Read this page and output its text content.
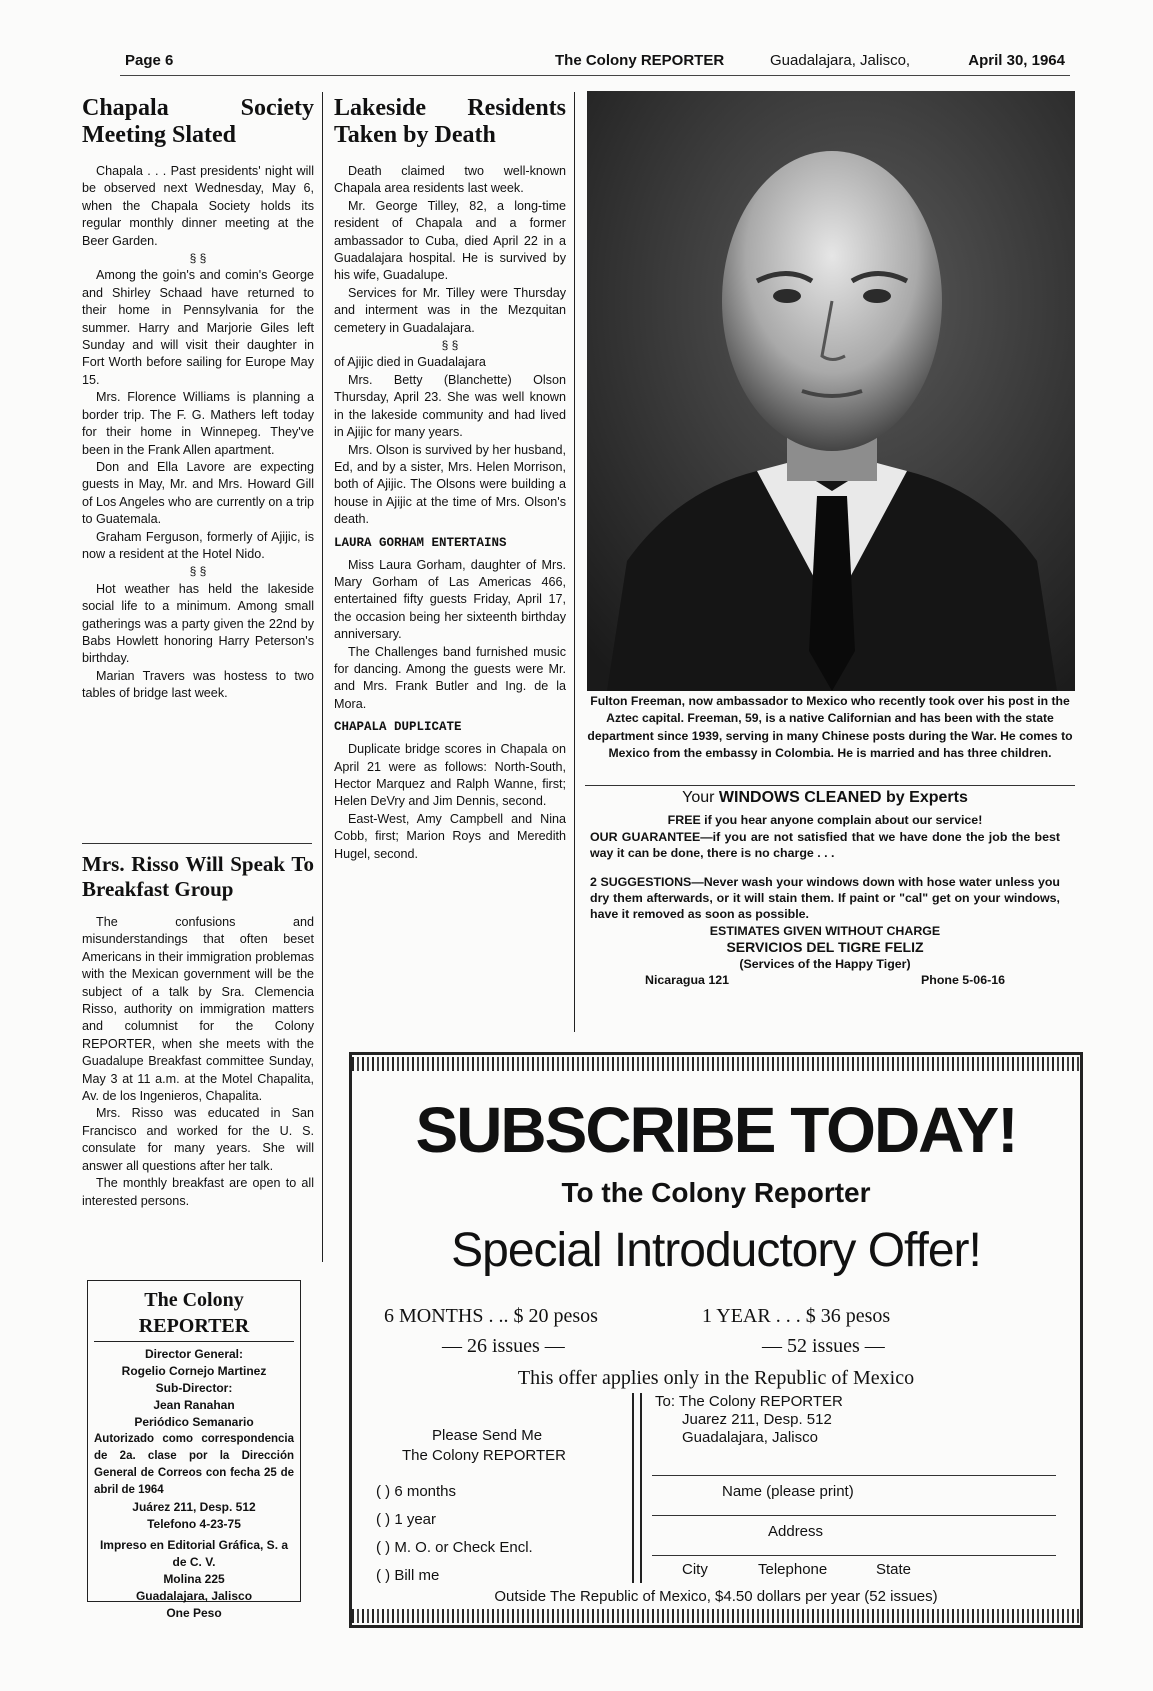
Page 6	The Colony REPORTER	Guadalajara, Jalisco,	April 30, 1964
Chapala Society Meeting Slated

Chapala . . . Past presidents' night will be observed next Wednesday, May 6, when the Chapala Society holds its regular monthly dinner meeting at the Beer Garden.

§ §

Among the goin's and comin's George and Shirley Schaad have returned to their home in Pennsylvania for the summer. Harry and Marjorie Giles left Sunday and will visit their daughter in Fort Worth before sailing for Europe May 15.

Mrs. Florence Williams is planning a border trip. The F. G. Mathers left today for their home in Winnepeg. They've been in the Frank Allen apartment.

Don and Ella Lavore are expecting guests in May, Mr. and Mrs. Howard Gill of Los Angeles who are currently on a trip to Guatemala.

Graham Ferguson, formerly of Ajijic, is now a resident at the Hotel Nido.

§ §

Hot weather has held the lakeside social life to a minimum. Among small gatherings was a party given the 22nd by Babs Howlett honoring Harry Peterson's birthday.

Marian Travers was hostess to two tables of bridge last week.

Mrs. Risso Will Speak To Breakfast Group

The confusions and misunderstandings that often beset Americans in their immigration problemas with the Mexican government will be the subject of a talk by Sra. Clemencia Risso, authority on immigration matters and columnist for the Colony REPORTER, when she meets with the Guadalupe Breakfast committee Sunday, May 3 at 11 a.m. at the Motel Chapalita, Av. de los Ingenieros, Chapalita.

Mrs. Risso was educated in San Francisco and worked for the U. S. consulate for many years. She will answer all questions after her talk.

The monthly breakfast are open to all interested persons.

The Colony REPORTER
Director General:
Rogelio Cornejo Martinez
Sub-Director:
Jean Ranahan
Periódico Semanario
Autorizado como correspondencia de 2a. clase por la Dirección General de Correos con fecha 25 de abril de 1964
Juárez 211, Desp. 512
Telefono 4-23-75
Impreso en Editorial Gráfica, S. a de C. V.
Molina 225
Guadalajara, Jalisco
One Peso
Lakeside Residents Taken by Death

Death claimed two well-known Chapala area residents last week.

Mr. George Tilley, 82, a long-time resident of Chapala and a former ambassador to Cuba, died April 22 in a Guadalajara hospital. He is survived by his wife, Guadalupe.

Services for Mr. Tilley were Thursday and interment was in the Mezquitan cemetery in Guadalajara.

§ §

of Ajijic died in Guadalajara

Mrs. Betty (Blanchette) Olson Thursday, April 23. She was well known in the lakeside community and had lived in Ajijic for many years.

Mrs. Olson is survived by her husband, Ed, and by a sister, Mrs. Helen Morrison, both of Ajijic. The Olsons were building a house in Ajijic at the time of Mrs. Olson's death.

LAURA GORHAM ENTERTAINS

Miss Laura Gorham, daughter of Mrs. Mary Gorham of Las Americas 466, entertained fifty guests Friday, April 17, the occasion being her sixteenth birthday anniversary.

The Challenges band furnished music for dancing. Among the guests were Mr. and Mrs. Frank Butler and Ing. de la Mora.

CHAPALA DUPLICATE

Duplicate bridge scores in Chapala on April 21 were as follows: North-South, Hector Marquez and Ralph Wanne, first; Helen DeVry and Jim Dennis, second.

East-West, Amy Campbell and Nina Cobb, first; Marion Roys and Meredith Hugel, second.

Fulton Freeman, now ambassador to Mexico who recently took over his post in the Aztec capital. Freeman, 59, is a native Californian and has been with the state department since 1939, serving in many Chinese posts during the War. He comes to Mexico from the embassy in Colombia. He is married and has three children.
Your WINDOWS CLEANED by Experts
FREE if you hear anyone complain about our service!
OUR GUARANTEE—if you are not satisfied that we have done the job the best way it can be done, there is no charge . . .
2 SUGGESTIONS—Never wash your windows down with hose water unless you dry them afterwards, or it will stain them. If paint or "cal" get on your windows, have it removed as soon as possible.
ESTIMATES GIVEN WITHOUT CHARGE
SERVICIOS DEL TIGRE FELIZ
(Services of the Happy Tiger)
Nicaragua 121	Phone 5-06-16
SUBSCRIBE TODAY!
To the Colony Reporter
Special Introductory Offer!
6 MONTHS . .. $ 20 pesos
— 26 issues —
1 YEAR . . . $ 36 pesos
— 52 issues —
This offer applies only in the Republic of Mexico
Please Send Me
The Colony REPORTER
( ) 6 months
( ) 1 year
( ) M. O. or Check Encl.
( ) Bill me
To: The Colony REPORTER
Juarez 211, Desp. 512
Guadalajara, Jalisco
Name (please print)
Address
City	Telephone	State
Outside The Republic of Mexico, $4.50 dollars per year (52 issues)
